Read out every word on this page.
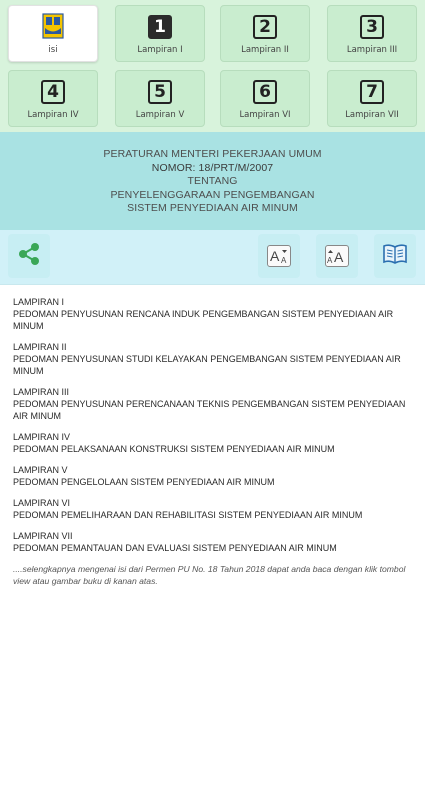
isi
1
Lampiran I
2
Lampiran II
3
Lampiran III
4
Lampiran IV
5
Lampiran V
6
Lampiran VI
7
Lampiran VII
PERATURAN MENTERI PEKERJAAN UMUM
NOMOR: 18/PRT/M/2007
TENTANG
PENYELENGGARAAN PENGEMBANGAN
SISTEM PENYEDIAAN AIR MINUM
A A	A A
LAMPIRAN I
PEDOMAN PENYUSUNAN RENCANA INDUK PENGEMBANGAN SISTEM PENYEDIAAN AIR MINUM
LAMPIRAN II
PEDOMAN PENYUSUNAN STUDI KELAYAKAN PENGEMBANGAN SISTEM PENYEDIAAN AIR MINUM
LAMPIRAN III
PEDOMAN PENYUSUNAN PERENCANAAN TEKNIS PENGEMBANGAN SISTEM PENYEDIAAN AIR MINUM
LAMPIRAN IV
PEDOMAN PELAKSANAAN KONSTRUKSI SISTEM PENYEDIAAN AIR MINUM
LAMPIRAN V
PEDOMAN PENGELOLAAN SISTEM PENYEDIAAN AIR MINUM
LAMPIRAN VI
PEDOMAN PEMELIHARAAN DAN REHABILITASI SISTEM PENYEDIAAN AIR MINUM
LAMPIRAN VII
PEDOMAN PEMANTAUAN DAN EVALUASI SISTEM PENYEDIAAN AIR MINUM
....selengkapnya mengenai isi dari Permen PU No. 18 Tahun 2018 dapat anda baca dengan klik tombol view atau gambar buku di kanan atas.
